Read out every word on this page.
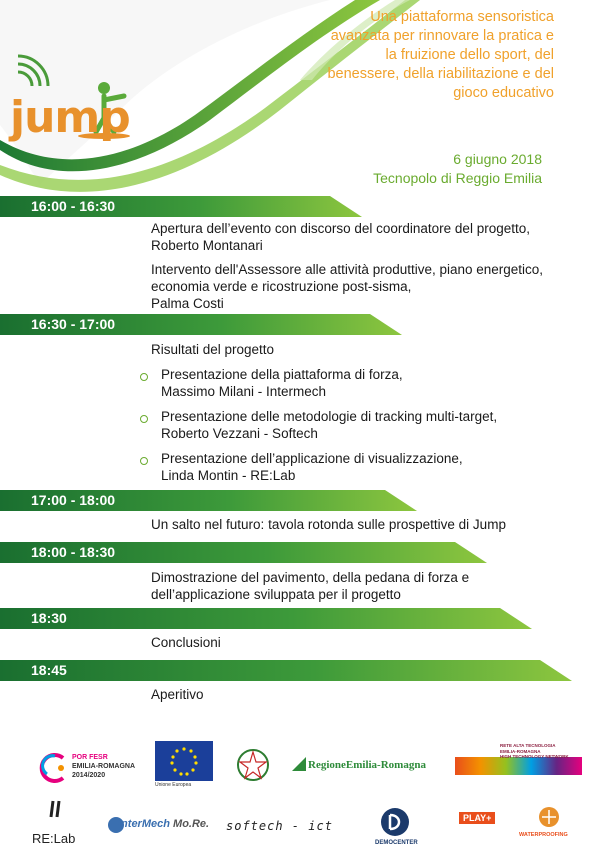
jump
Una piattaforma sensoristica
avanzata per rinnovare la pratica e
la fruizione dello sport, del
benessere, della riabilitazione e del
gioco educativo
6 giugno 2018
Tecnopolo di Reggio Emilia
16:00 - 16:30
16:30 - 17:00
17:00 - 18:00
18:00 - 18:30
18:30
18:45
Apertura dell’evento con discorso del coordinatore del progetto,
Roberto Montanari
Intervento dell'Assessore alle attività produttive, piano energetico,
economia verde e ricostruzione post-sisma,
Palma Costi
Risultati del progetto
Presentazione della piattaforma di forza,
Massimo Milani - Intermech
Presentazione delle metodologie di tracking multi-target,
Roberto Vezzani - Softech
Presentazione dell’applicazione di visualizzazione,
Linda Montin - RE:Lab
Un salto nel futuro: tavola rotonda sulle prospettive di Jump
Dimostrazione del pavimento, della pedana di forza e
dell’applicazione sviluppata per il progetto
Conclusioni
Aperitivo
POR FESR
EMILIA-ROMAGNA
2014/2020
Unione Europea
RegioneEmilia-Romagna
RETE ALTA TECNOLOGIA
EMILIA-ROMAGNA
HIGH TECHNOLOGY NETWORK
RE:Lab
InterMech Mo.Re. softech - ict
DEMOCENTER
PLAY+
WATERPROOFING
